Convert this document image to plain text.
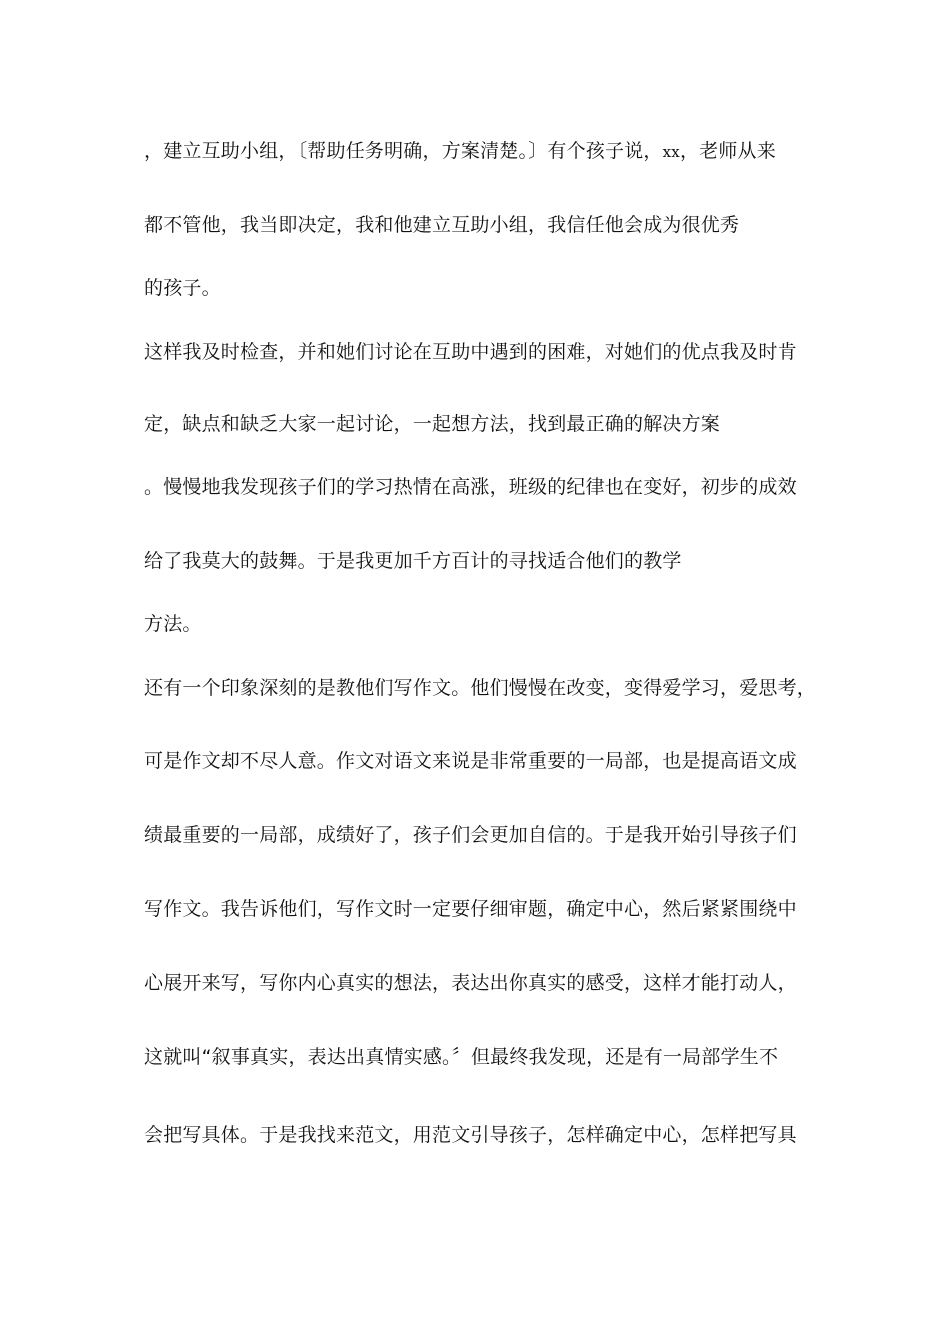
，建立互助小组，〔帮助任务明确，方案清楚。〕有个孩子说，xx，老师从来
都不管他，我当即决定，我和他建立互助小组，我信任他会成为很优秀
的孩子。
这样我及时检查，并和她们讨论在互助中遇到的困难，对她们的优点我及时肯
定，缺点和缺乏大家一起讨论，一起想方法，找到最正确的解决方案
。慢慢地我发现孩子们的学习热情在高涨，班级的纪律也在变好，初步的成效
给了我莫大的鼓舞。于是我更加千方百计的寻找适合他们的教学
方法。
还有一个印象深刻的是教他们写作文。他们慢慢在改变，变得爱学习，爱思考，
可是作文却不尽人意。作文对语文来说是非常重要的一局部，也是提高语文成
绩最重要的一局部，成绩好了，孩子们会更加自信的。于是我开始引导孩子们
写作文。我告诉他们，写作文时一定要仔细审题，确定中心，然后紧紧围绕中
心展开来写，写你内心真实的想法，表达出你真实的感受，这样才能打动人，
这就叫“叙事真实，表达出真情实感。〞但最终我发现，还是有一局部学生不
会把写具体。于是我找来范文，用范文引导孩子，怎样确定中心，怎样把写具
